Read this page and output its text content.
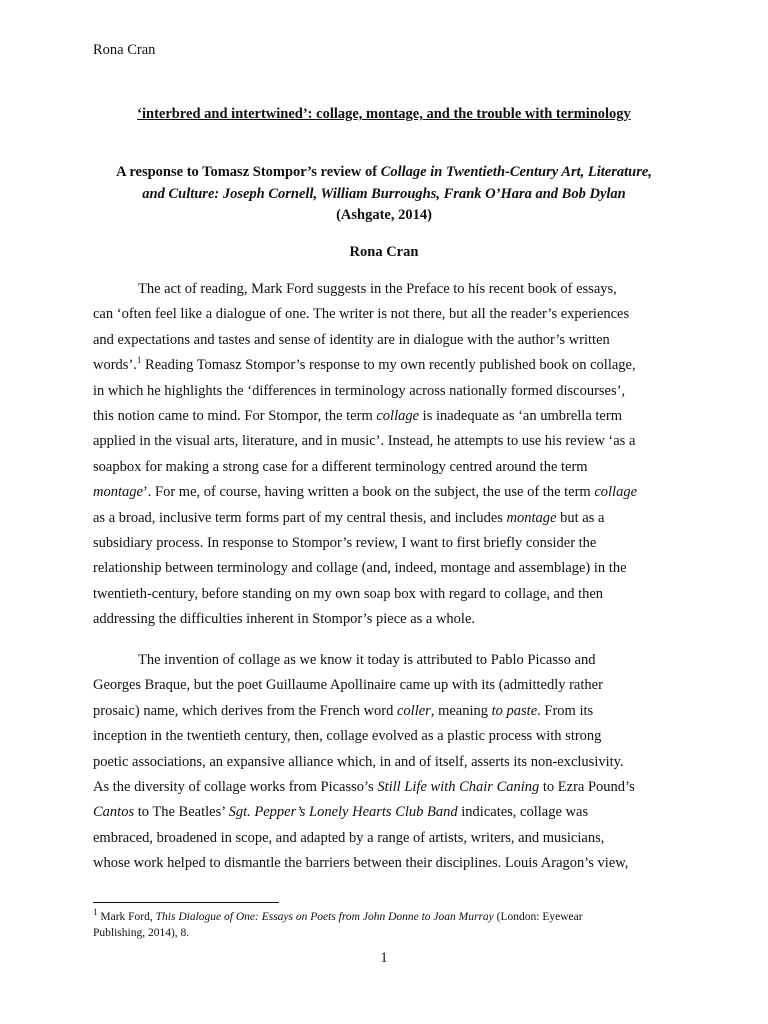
Rona Cran
‘interbred and intertwined’: collage, montage, and the trouble with terminology
A response to Tomasz Stompor’s review of Collage in Twentieth-Century Art, Literature,
and Culture: Joseph Cornell, William Burroughs, Frank O’Hara and Bob Dylan
(Ashgate, 2014)
Rona Cran
The act of reading, Mark Ford suggests in the Preface to his recent book of essays,
can ‘often feel like a dialogue of one. The writer is not there, but all the reader’s experiences
and expectations and tastes and sense of identity are in dialogue with the author’s written
words’.$^1$ Reading Tomasz Stompor’s response to my own recently published book on collage,
in which he highlights the ‘differences in terminology across nationally formed discourses’,
this notion came to mind. For Stompor, the term collage is inadequate as ‘an umbrella term
applied in the visual arts, literature, and in music’. Instead, he attempts to use his review ‘as a
soapbox for making a strong case for a different terminology centred around the term
montage’. For me, of course, having written a book on the subject, the use of the term collage
as a broad, inclusive term forms part of my central thesis, and includes montage but as a
subsidiary process. In response to Stompor’s review, I want to first briefly consider the
relationship between terminology and collage (and, indeed, montage and assemblage) in the
twentieth-century, before standing on my own soap box with regard to collage, and then
addressing the difficulties inherent in Stompor’s piece as a whole.
The invention of collage as we know it today is attributed to Pablo Picasso and
Georges Braque, but the poet Guillaume Apollinaire came up with its (admittedly rather
prosaic) name, which derives from the French word coller, meaning to paste. From its
inception in the twentieth century, then, collage evolved as a plastic process with strong
poetic associations, an expansive alliance which, in and of itself, asserts its non-exclusivity.
As the diversity of collage works from Picasso’s Still Life with Chair Caning to Ezra Pound’s
Cantos to The Beatles’ Sgt. Pepper’s Lonely Hearts Club Band indicates, collage was
embraced, broadened in scope, and adapted by a range of artists, writers, and musicians,
whose work helped to dismantle the barriers between their disciplines. Louis Aragon’s view,
$^1$ Mark Ford, This Dialogue of One: Essays on Poets from John Donne to Joan Murray (London: Eyewear
Publishing, 2014), 8.
1
